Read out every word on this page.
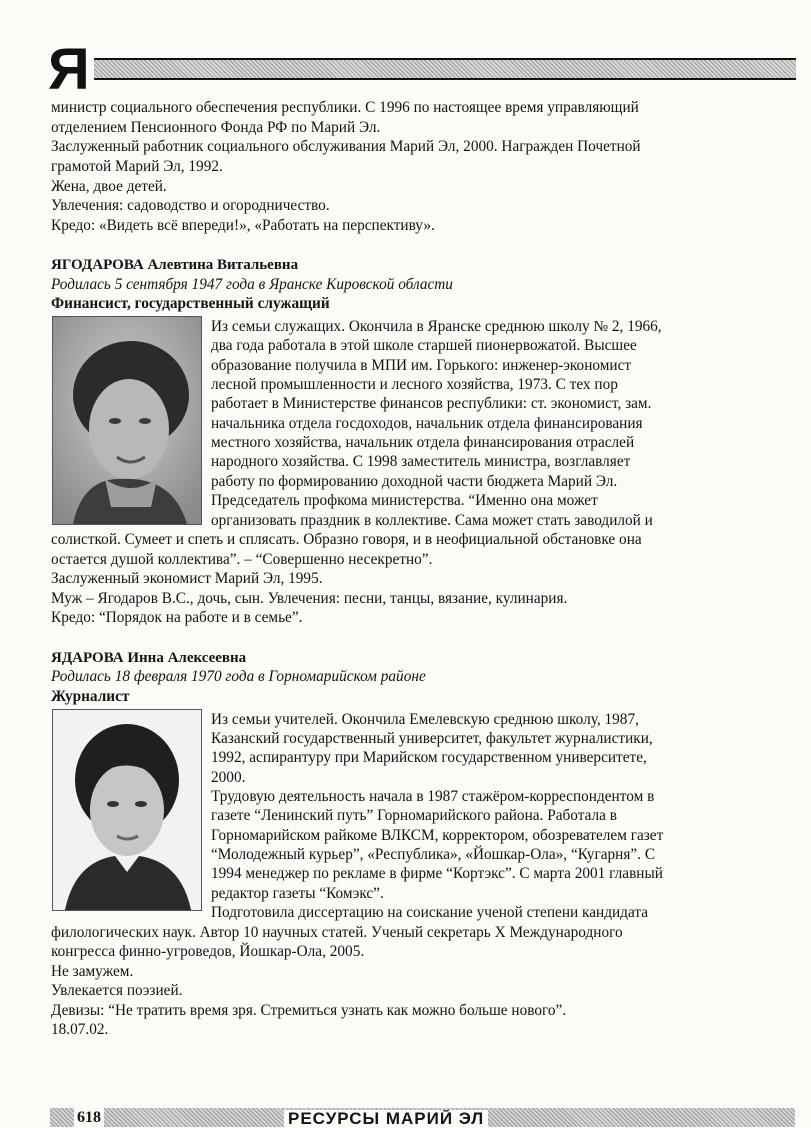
Я
министр социального обеспечения республики. С 1996 по настоящее время управляющий
отделением Пенсионного Фонда РФ по Марий Эл.
Заслуженный работник социального обслуживания Марий Эл, 2000. Награжден Почетной
грамотой Марий Эл, 1992.
Жена, двое детей.
Увлечения: садоводство и огородничество.
Кредо: «Видеть всё впереди!», «Работать на перспективу».
ЯГОДАРОВА Алевтина Витальевна
Родилась 5 сентября 1947 года в Яранске Кировской области
Финансист, государственный служащий
Из семьи служащих. Окончила в Яранске среднюю школу № 2, 1966,
два года работала в этой школе старшей пионервожатой. Высшее
образование получила в МПИ им. Горького: инженер-экономист
лесной промышленности и лесного хозяйства, 1973. С тех пор
работает в Министерстве финансов республики: ст. экономист, зам.
начальника отдела госдоходов, начальник отдела финансирования
местного хозяйства, начальник отдела финансирования отраслей
народного хозяйства. С 1998 заместитель министра, возглавляет
работу по формированию доходной части бюджета Марий Эл.
Председатель профкома министерства. “Именно она может
организовать праздник в коллективе. Сама может стать заводилой и
солисткой. Сумеет и спеть и сплясать. Образно говоря, и в неофициальной обстановке она
остается душой коллектива”. – “Совершенно несекретно”.
Заслуженный экономист Марий Эл, 1995.
Муж – Ягодаров В.С., дочь, сын. Увлечения: песни, танцы, вязание, кулинария.
Кредо: “Порядок на работе и в семье”.
ЯДАРОВА Инна Алексеевна
Родилась 18 февраля 1970 года в Горномарийском районе
Журналист
Из семьи учителей. Окончила Емелевскую среднюю школу, 1987,
Казанский государственный университет, факультет журналистики,
1992, аспирантуру при Марийском государственном университете,
2000.
Трудовую деятельность начала в 1987 стажёром-корреспондентом в
газете “Ленинский путь” Горномарийского района. Работала в
Горномарийском райкоме ВЛКСМ, корректором, обозревателем газет
“Молодежный курьер”, «Республика», «Йошкар-Ола», “Кугарня”. С
1994 менеджер по рекламе в фирме “Кортэкс”. С марта 2001 главный
редактор газеты “Комэкс”.
Подготовила диссертацию на соискание ученой степени кандидата
филологических наук. Автор 10 научных статей. Ученый секретарь X Международного
конгресса финно-угроведов, Йошкар-Ола, 2005.
Не замужем.
Увлекается поэзией.
Девизы: “Не тратить время зря. Стремиться узнать как можно больше нового”.
18.07.02.
618	РЕСУРСЫ МАРИЙ ЭЛ
